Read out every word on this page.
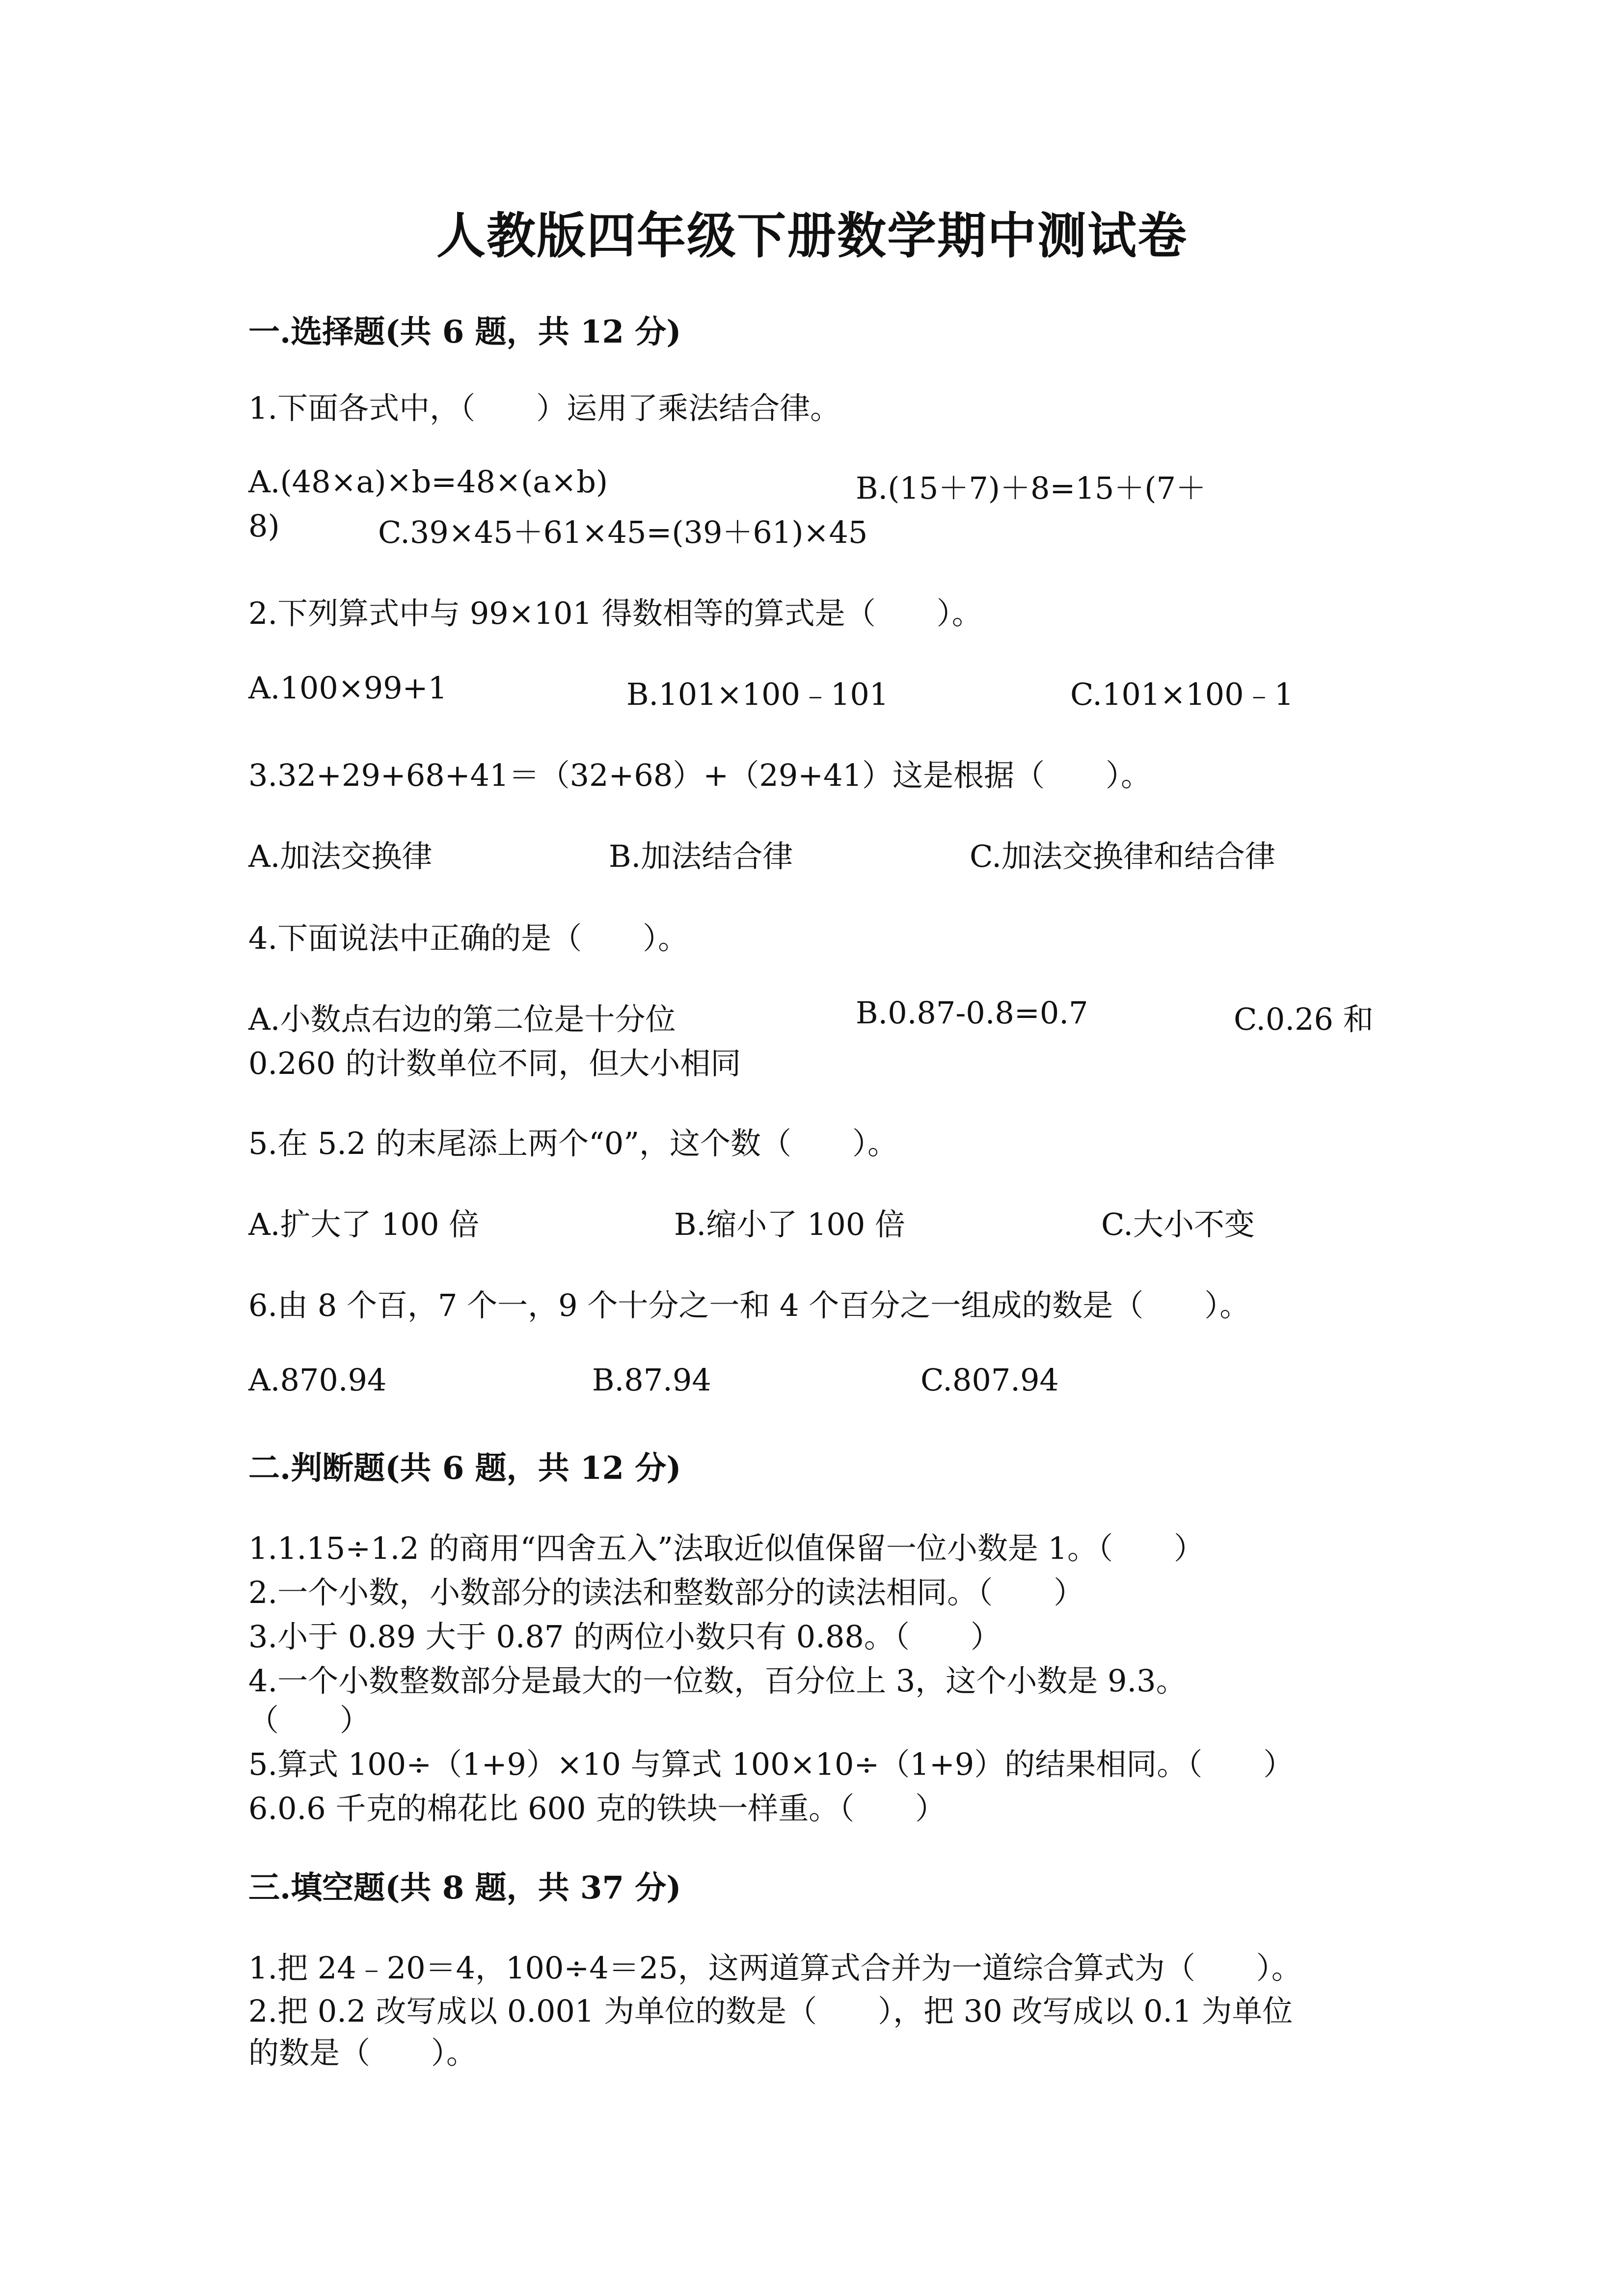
人教版四年级下册数学期中测试卷
一.选择题(共 6 题，共 12 分)
1.下面各式中，（　　）运用了乘法结合律。
A.(48×a)×b=48×(a×b)	B.(15＋7)＋8=15＋(7＋
8)	C.39×45＋61×45=(39＋61)×45
2.下列算式中与 99×101 得数相等的算式是（　　）。
A.100×99+1	B.101×100﹣101	C.101×100﹣1
3.32+29+68+41＝（32+68）+（29+41）这是根据（　　）。
A.加法交换律	B.加法结合律	C.加法交换律和结合律
4.下面说法中正确的是（　　）。
A.小数点右边的第二位是十分位	B.0.87-0.8=0.7	C.0.26 和
0.260 的计数单位不同，但大小相同
5.在 5.2 的末尾添上两个“0”，这个数（　　）。
A.扩大了 100 倍	B.缩小了 100 倍	C.大小不变
6.由 8 个百，7 个一，9 个十分之一和 4 个百分之一组成的数是（　　）。
A.870.94	B.87.94	C.807.94
二.判断题(共 6 题，共 12 分)
1.1.15÷1.2 的商用“四舍五入”法取近似值保留一位小数是 1。（　　）
2.一个小数，小数部分的读法和整数部分的读法相同。（　　）
3.小于 0.89 大于 0.87 的两位小数只有 0.88。（　　）
4.一个小数整数部分是最大的一位数，百分位上 3，这个小数是 9.3。
（　　）
5.算式 100÷（1+9）×10 与算式 100×10÷（1+9）的结果相同。（　　）
6.0.6 千克的棉花比 600 克的铁块一样重。（　　）
三.填空题(共 8 题，共 37 分)
1.把 24﹣20＝4，100÷4＝25，这两道算式合并为一道综合算式为（　　）。
2.把 0.2 改写成以 0.001 为单位的数是（　　），把 30 改写成以 0.1 为单位
的数是（　　）。
